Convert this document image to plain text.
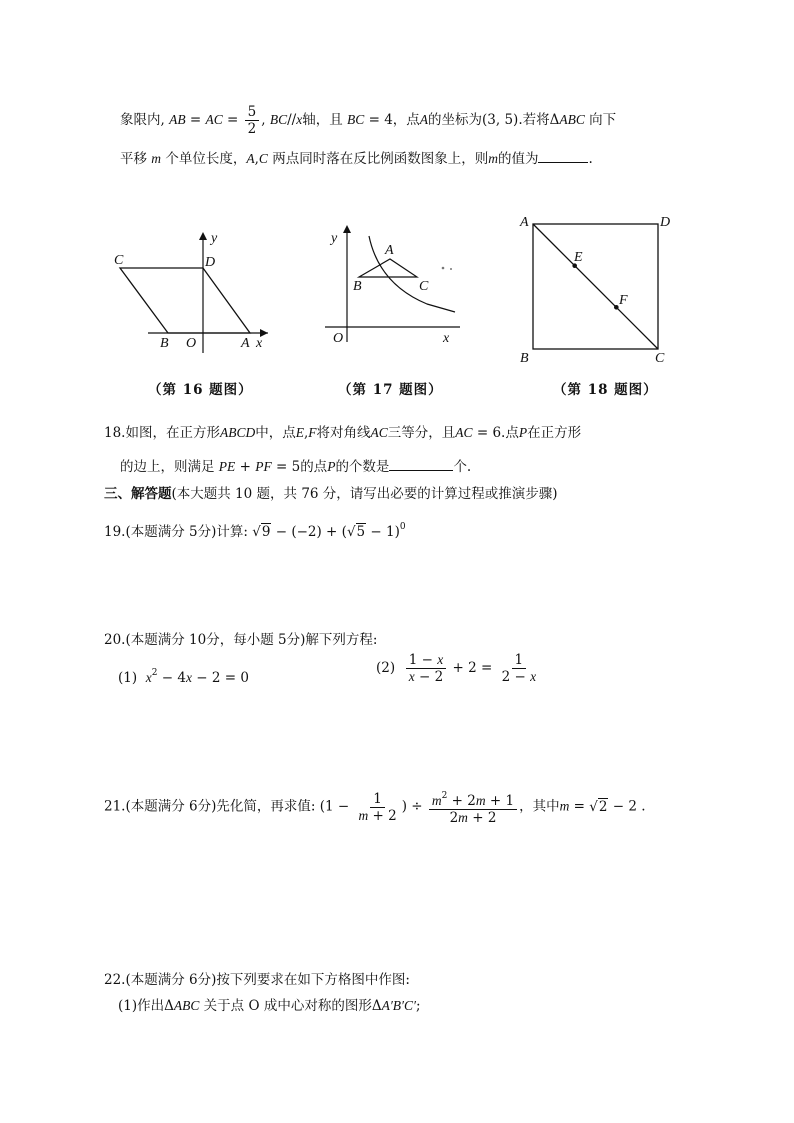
象限内, AB = AC = $\frac{5}{2}$ , BC//x轴，且 BC = 4，点A的坐标为(3, 5).若将ΔABC 向下
平移 m 个单位长度，A,C 两点同时落在反比例函数图象上，则m的值为	.
C	D
B O	A x
y
（第 16 题图）
A
B	C
O	x
y
（第 17 题图）
A	D
E
F
B	C
（第 18 题图）
18.如图，在正方形ABCD中，点E,F将对角线AC三等分，且AC = 6.点P在正方形
的边上，则满足 PE + PF = 5的点P的个数是	个.
三、解答题(本大题共 10 题，共 76 分，请写出必要的计算过程或推演步骤)
19.(本题满分 5分)计算: $√9 - (-2) + (√5 - 1)^0$
20.(本题满分 10分，每小题 5分)解下列方程:
(1) $x^2 - 4x - 2 = 0$
$(2) \frac{1 - x}{x - 2} + 2 = \frac{1}{2 - x}$
21.(本题满分 6分)先化简，再求值: ($1 - \frac{1}{m + 2}$ ) ÷ $\frac{m^2 + 2m + 1}{2m + 2}$ ，其中m = √2 − 2 .
22.(本题满分 6分)按下列要求在如下方格图中作图:
(1)作出ΔABC 关于点 O 成中心对称的图形ΔA′B′C′;
